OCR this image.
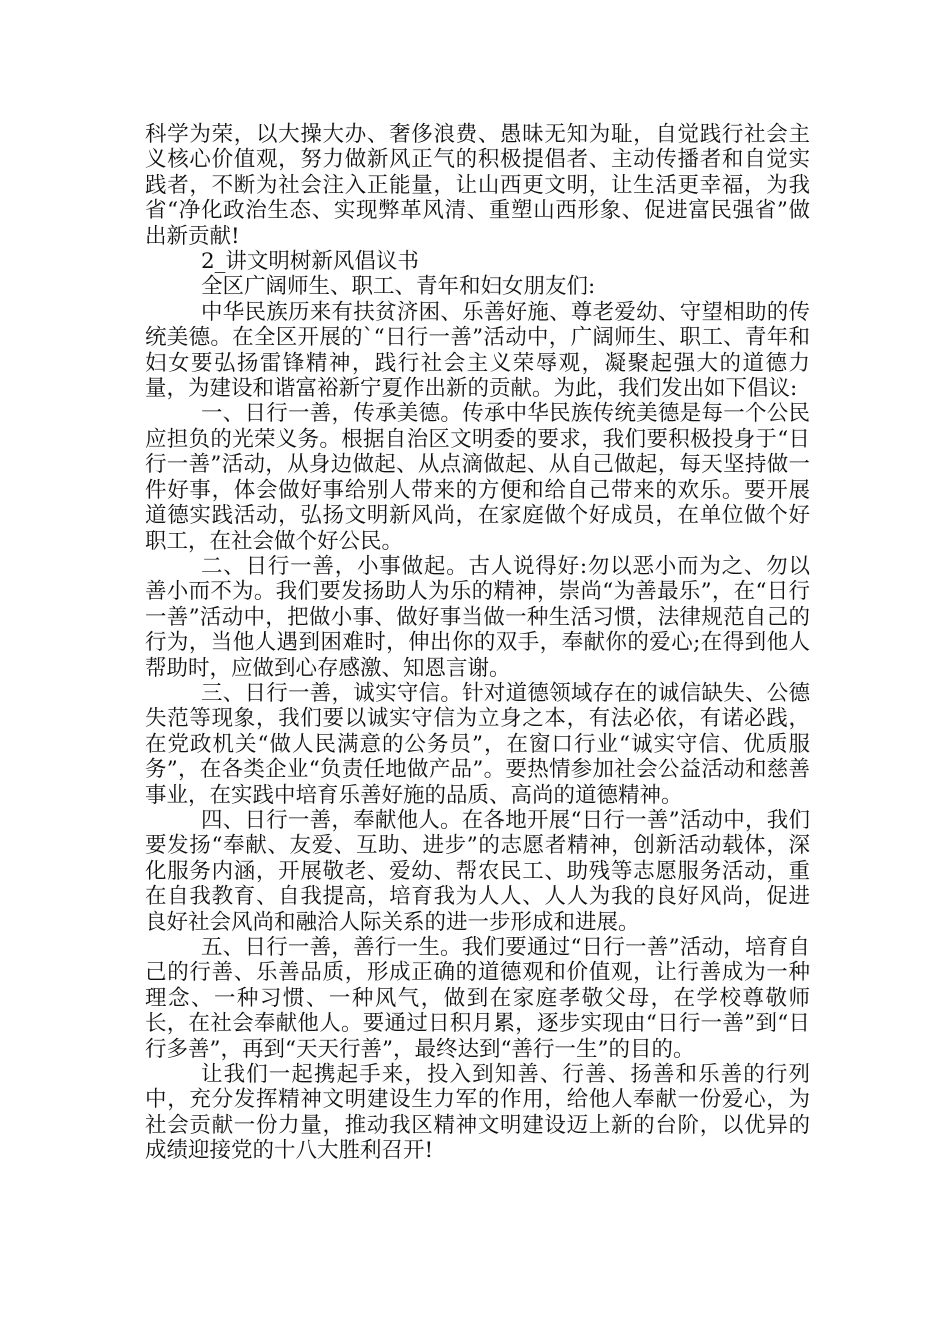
科学为荣，以大操大办、奢侈浪费、愚昧无知为耻，自觉践行社会主义核心价值观，努力做新风正气的积极提倡者、主动传播者和自觉实践者，不断为社会注入正能量，让山西更文明，让生活更幸福，为我省“净化政治生态、实现弊革风清、重塑山西形象、促进富民强省”做出新贡献!

2_讲文明树新风倡议书

全区广阔师生、职工、青年和妇女朋友们:

中华民族历来有扶贫济困、乐善好施、尊老爱幼、守望相助的传统美德。在全区开展的`“日行一善”活动中，广阔师生、职工、青年和妇女要弘扬雷锋精神，践行社会主义荣辱观，凝聚起强大的道德力量，为建设和谐富裕新宁夏作出新的贡献。为此，我们发出如下倡议:

一、日行一善，传承美德。传承中华民族传统美德是每一个公民应担负的光荣义务。根据自治区文明委的要求，我们要积极投身于“日行一善”活动，从身边做起、从点滴做起、从自己做起，每天坚持做一件好事，体会做好事给别人带来的方便和给自己带来的欢乐。要开展道德实践活动，弘扬文明新风尚，在家庭做个好成员，在单位做个好职工，在社会做个好公民。

二、日行一善，小事做起。古人说得好:勿以恶小而为之、勿以善小而不为。我们要发扬助人为乐的精神，崇尚“为善最乐”，在“日行一善”活动中，把做小事、做好事当做一种生活习惯，法律规范自己的行为，当他人遇到困难时，伸出你的双手，奉献你的爱心;在得到他人帮助时，应做到心存感激、知恩言谢。

三、日行一善，诚实守信。针对道德领域存在的诚信缺失、公德失范等现象，我们要以诚实守信为立身之本，有法必依，有诺必践，在党政机关“做人民满意的公务员”，在窗口行业“诚实守信、优质服务”，在各类企业“负责任地做产品”。要热情参加社会公益活动和慈善事业，在实践中培育乐善好施的品质、高尚的道德精神。

四、日行一善，奉献他人。在各地开展“日行一善”活动中，我们要发扬“奉献、友爱、互助、进步”的志愿者精神，创新活动载体，深化服务内涵，开展敬老、爱幼、帮农民工、助残等志愿服务活动，重在自我教育、自我提高，培育我为人人、人人为我的良好风尚，促进良好社会风尚和融洽人际关系的进一步形成和进展。

五、日行一善，善行一生。我们要通过“日行一善”活动，培育自己的行善、乐善品质，形成正确的道德观和价值观，让行善成为一种理念、一种习惯、一种风气，做到在家庭孝敬父母，在学校尊敬师长，在社会奉献他人。要通过日积月累，逐步实现由“日行一善”到“日行多善”，再到“天天行善”，最终达到“善行一生”的目的。

让我们一起携起手来，投入到知善、行善、扬善和乐善的行列中，充分发挥精神文明建设生力军的作用，给他人奉献一份爱心，为社会贡献一份力量，推动我区精神文明建设迈上新的台阶，以优异的成绩迎接党的十八大胜利召开!
